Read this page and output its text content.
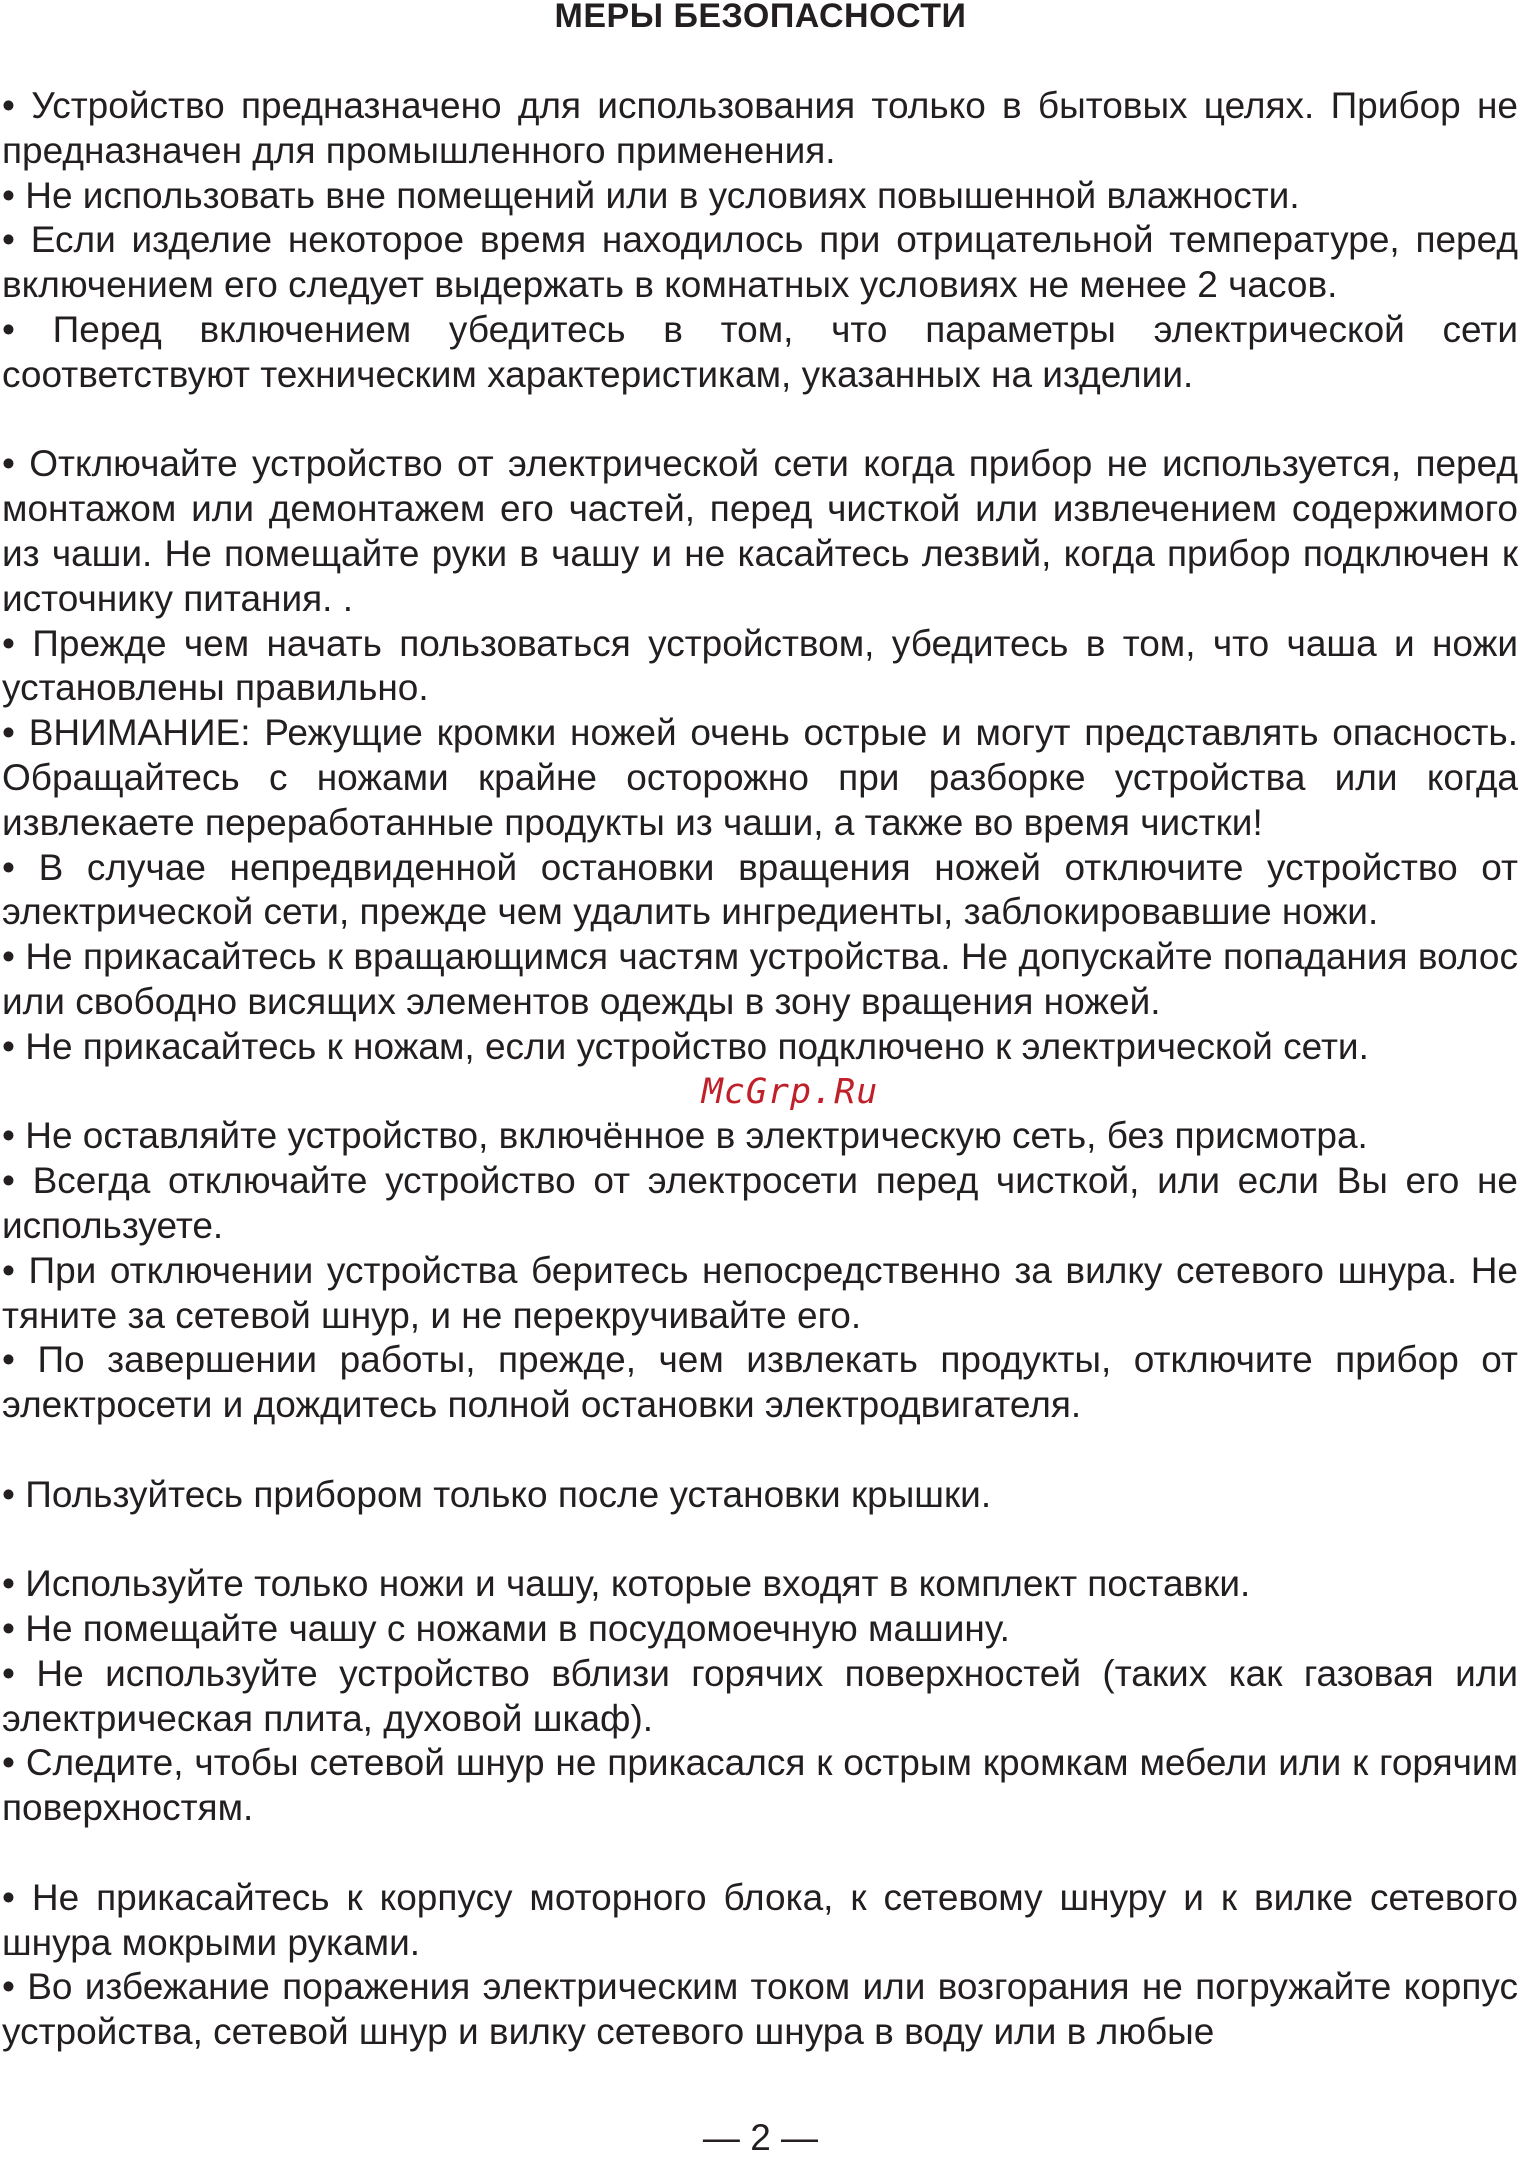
МЕРЫ БЕЗОПАСНОСТИ

• Устройство предназначено для использования только в бытовых целях. Прибор не предназначен для промышленного применения.

• Не использовать вне помещений или в условиях повышенной влажности.

• Если изделие некоторое время находилось при отрицательной температуре, перед включением его следует выдержать в комнатных условиях не менее 2 часов.

• Перед включением убедитесь в том, что параметры электрической сети соответствуют техническим характеристикам, указанных на изделии.

• Отключайте устройство от электрической сети когда прибор не используется, перед монтажом или демонтажем его частей, перед чисткой или извлечением содержимого из чаши. Не помещайте руки в чашу и не касайтесь лезвий, когда прибор подключен к источнику питания. .

• Прежде чем начать пользоваться устройством, убедитесь в том, что чаша и ножи установлены правильно.

• ВНИМАНИЕ: Режущие кромки ножей очень острые и могут представлять опасность. Обращайтесь с ножами крайне осторожно при разборке устройства или когда извлекаете переработанные продукты из чаши, а также во время чистки!

• В случае непредвиденной остановки вращения ножей отключите устройство от электрической сети, прежде чем удалить ингредиенты, заблокировавшие ножи.

• Не прикасайтесь к вращающимся частям устройства. Не допускайте попадания волос или свободно висящих элементов одежды в зону вращения ножей.

• Не прикасайтесь к ножам, если устройство подключено к электрической сети.

McGrp.Ru

• Не оставляйте устройство, включённое в электрическую сеть, без присмотра.

• Всегда отключайте устройство от электросети перед чисткой, или если Вы его не используете.

• При отключении устройства беритесь непосредственно за вилку сетевого шнура. Не тяните за сетевой шнур, и не перекручивайте его.

• По завершении работы, прежде, чем извлекать продукты, отключите прибор от электросети и дождитесь полной остановки электродвигателя.

• Пользуйтесь прибором только после установки крышки.

• Используйте только ножи и чашу, которые входят в комплект поставки.

• Не помещайте чашу с ножами в посудомоечную машину.

• Не используйте устройство вблизи горячих поверхностей (таких как газовая или электрическая плита, духовой шкаф).

• Следите, чтобы сетевой шнур не прикасался к острым кромкам мебели или к горячим поверхностям.

• Не прикасайтесь к корпусу моторного блока, к сетевому шнуру и к вилке сетевого шнура мокрыми руками.

• Во избежание поражения электрическим током или возгорания не погружайте корпус устройства, сетевой шнур и вилку сетевого шнура в воду или в любые

— 2 —
